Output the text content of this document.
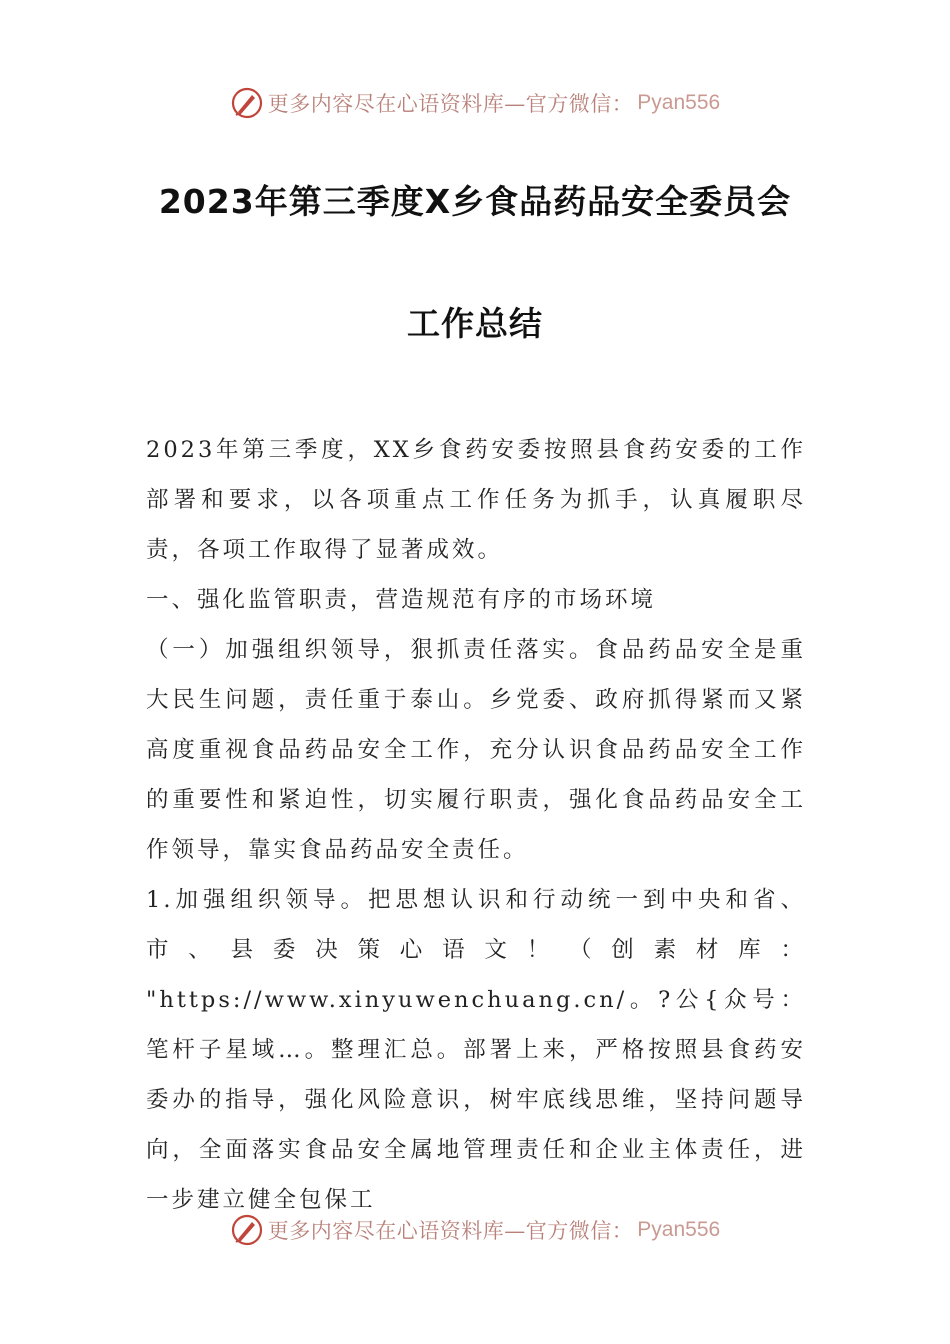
更多内容尽在心语资料库—官方微信： Pyan556
2023年第三季度X乡食品药品安全委员会
工作总结

2023年第三季度，XX乡食药安委按照县食药安委的工作部署和要求，以各项重点工作任务为抓手，认真履职尽责，各项工作取得了显著成效。

一、强化监管职责，营造规范有序的市场环境

（一）加强组织领导，狠抓责任落实。食品药品安全是重大民生问题，责任重于泰山。乡党委、政府抓得紧而又紧高度重视食品药品安全工作，充分认识食品药品安全工作的重要性和紧迫性，切实履行职责，强化食品药品安全工作领导，靠实食品药品安全责任。

1.加强组织领导。把思想认识和行动统一到中央和省、市、县委决策心语文！（创素材库：

"https://www.xinyuwenchuang.cn/。?公{众号：笔杆子星域…。整理汇总。部署上来，严格按照县食药安委办的指导，强化风险意识，树牢底线思维，坚持问题导向，全面落实食品安全属地管理责任和企业主体责任，进一步建立健全包保工

更多内容尽在心语资料库—官方微信： Pyan556
